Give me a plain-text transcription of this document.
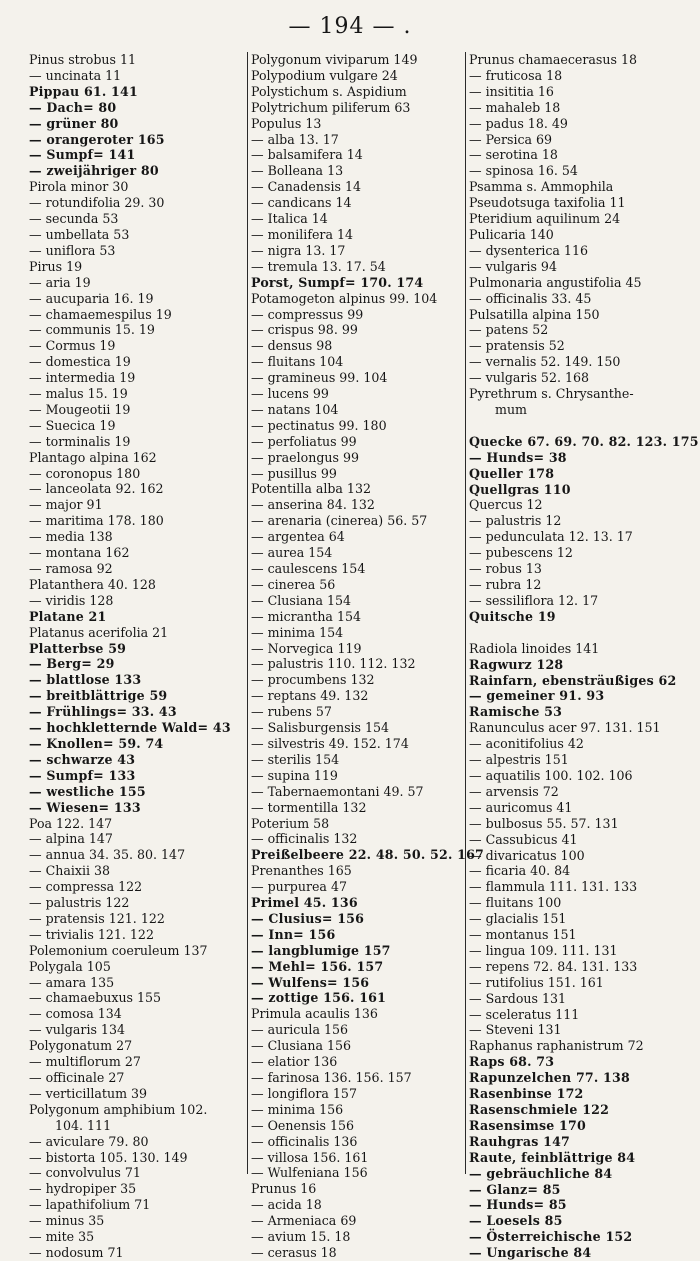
— 194 — .
Pinus strobus 11
— uncinata 11
Pippau 61. 141
— Dach= 80
— grüner 80
— orangeroter 165
— Sumpf= 141
— zweijähriger 80
Pirola minor 30
— rotundifolia 29. 30
— secunda 53
— umbellata 53
— uniflora 53
Pirus 19
— aria 19
— aucuparia 16. 19
— chamaemespilus 19
— communis 15. 19
— Cormus 19
— domestica 19
— intermedia 19
— malus 15. 19
— Mougeotii 19
— Suecica 19
— torminalis 19
Plantago alpina 162
— coronopus 180
— lanceolata 92. 162
— major 91
— maritima 178. 180
— media 138
— montana 162
— ramosa 92
Platanthera 40. 128
— viridis 128
Platane 21
Platanus acerifolia 21
Platterbse 59
— Berg= 29
— blattlose 133
— breitblättrige 59
— Frühlings= 33. 43
— hochkletternde Wald= 43
— Knollen= 59. 74
— schwarze 43
— Sumpf= 133
— westliche 155
— Wiesen= 133
Poa 122. 147
— alpina 147
— annua 34. 35. 80. 147
— Chaixii 38
— compressa 122
— palustris 122
— pratensis 121. 122
— trivialis 121. 122
Polemonium coeruleum 137
Polygala 105
— amara 135
— chamaebuxus 155
— comosa 134
— vulgaris 134
Polygonatum 27
— multiflorum 27
— officinale 27
— verticillatum 39
Polygonum amphibium 102.
104. 111
— aviculare 79. 80
— bistorta 105. 130. 149
— convolvulus 71
— hydropiper 35
— lapathifolium 71
— minus 35
— mite 35
— nodosum 71
Polygonum viviparum 149
Polypodium vulgare 24
Polystichum s. Aspidium
Polytrichum piliferum 63
Populus 13
— alba 13. 17
— balsamifera 14
— Bolleana 13
— Canadensis 14
— candicans 14
— Italica 14
— monilifera 14
— nigra 13. 17
— tremula 13. 17. 54
Porst, Sumpf= 170. 174
Potamogeton alpinus 99. 104
— compressus 99
— crispus 98. 99
— densus 98
— fluitans 104
— gramineus 99. 104
— lucens 99
— natans 104
— pectinatus 99. 180
— perfoliatus 99
— praelongus 99
— pusillus 99
Potentilla alba 132
— anserina 84. 132
— arenaria (cinerea) 56. 57
— argentea 64
— aurea 154
— caulescens 154
— cinerea 56
— Clusiana 154
— micrantha 154
— minima 154
— Norvegica 119
— palustris 110. 112. 132
— procumbens 132
— reptans 49. 132
— rubens 57
— Salisburgensis 154
— silvestris 49. 152. 174
— sterilis 154
— supina 119
— Tabernaemontani 49. 57
— tormentilla 132
Poterium 58
— officinalis 132
Preißelbeere 22. 48. 50. 52. 167
Prenanthes 165
— purpurea 47
Primel 45. 136
— Clusius= 156
— Inn= 156
— langblumige 157
— Mehl= 156. 157
— Wulfens= 156
— zottige 156. 161
Primula acaulis 136
— auricula 156
— Clusiana 156
— elatior 136
— farinosa 136. 156. 157
— longiflora 157
— minima 156
— Oenensis 156
— officinalis 136
— villosa 156. 161
— Wulfeniana 156
Prunus 16
— acida 18
— Armeniaca 69
— avium 15. 18
— cerasus 18
Prunus chamaecerasus 18
— fruticosa 18
— insititia 16
— mahaleb 18
— padus 18. 49
— Persica 69
— serotina 18
— spinosa 16. 54
Psamma s. Ammophila
Pseudotsuga taxifolia 11
Pteridium aquilinum 24
Pulicaria 140
— dysenterica 116
— vulgaris 94
Pulmonaria angustifolia 45
— officinalis 33. 45
Pulsatilla alpina 150
— patens 52
— pratensis 52
— vernalis 52. 149. 150
— vulgaris 52. 168
Pyrethrum s. Chrysanthe-
mum
Quecke 67. 69. 70. 82. 123. 175
— Hunds= 38
Queller 178
Quellgras 110
Quercus 12
— palustris 12
— pedunculata 12. 13. 17
— pubescens 12
— robus 13
— rubra 12
— sessiliflora 12. 17
Quitsche 19
Radiola linoides 141
Ragwurz 128
Rainfarn, ebensträußiges 62
— gemeiner 91. 93
Ramische 53
Ranunculus acer 97. 131. 151
— aconitifolius 42
— alpestris 151
— aquatilis 100. 102. 106
— arvensis 72
— auricomus 41
— bulbosus 55. 57. 131
— Cassubicus 41
— divaricatus 100
— ficaria 40. 84
— flammula 111. 131. 133
— fluitans 100
— glacialis 151
— montanus 151
— lingua 109. 111. 131
— repens 72. 84. 131. 133
— rutifolius 151. 161
— Sardous 131
— sceleratus 111
— Steveni 131
Raphanus raphanistrum 72
Raps 68. 73
Rapunzelchen 77. 138
Rasenbinse 172
Rasenschmiele 122
Rasensimse 170
Rauhgras 147
Raute, feinblättrige 84
— gebräuchliche 84
— Glanz= 85
— Hunds= 85
— Loesels 85
— Österreichische 152
— Ungarische 84
